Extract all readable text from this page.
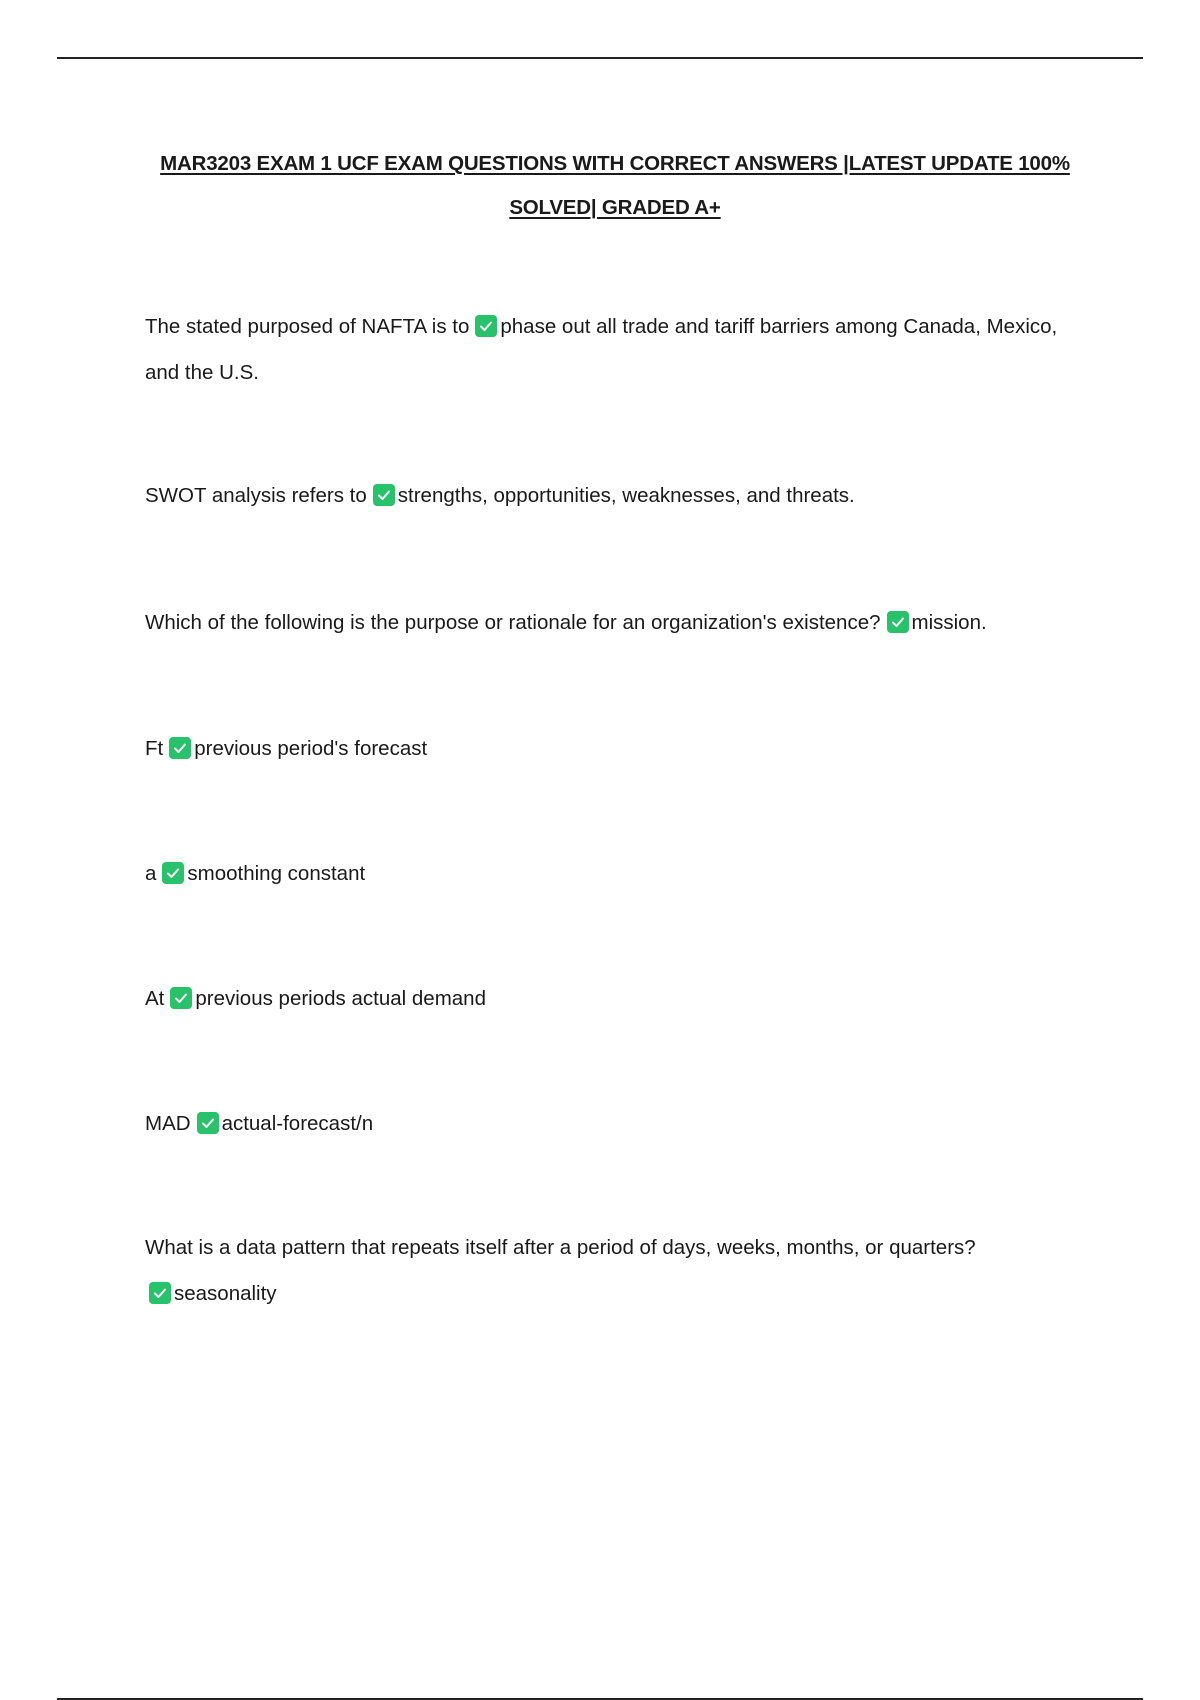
MAR3203 EXAM 1 UCF EXAM QUESTIONS WITH CORRECT ANSWERS |LATEST UPDATE 100% SOLVED| GRADED A+
The stated purposed of NAFTA is to phase out all trade and tariff barriers among Canada, Mexico, and the U.S.
SWOT analysis refers to strengths, opportunities, weaknesses, and threats.
Which of the following is the purpose or rationale for an organization's existence? mission.
Ft previous period's forecast
a smoothing constant
At previous periods actual demand
MAD actual-forecast/n
What is a data pattern that repeats itself after a period of days, weeks, months, or quarters?

seasonality
